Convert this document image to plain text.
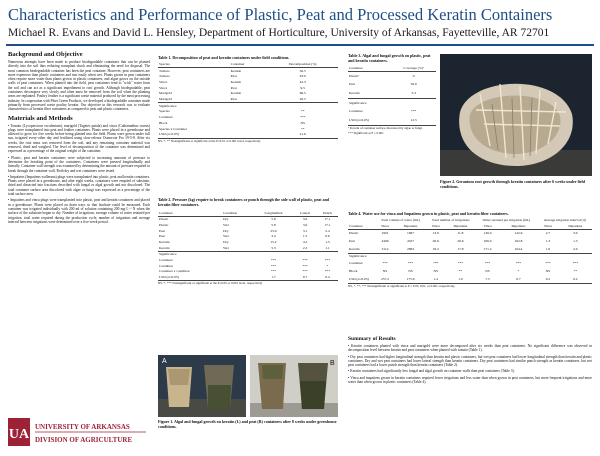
Characteristics and Performance of Plastic, Peat and Processed Keratin Containers
Michael R. Evans and David L. Hensley, Department of Horticulture, University of Arkansas, Fayetteville, AR 72701
Background and Objective

Numerous attempts have been made to produce biodegradable containers that can be planted directly into the soil thus reducing transplant shock and eliminating the need for disposal. The most common biodegradable container has been the peat container. However, peat containers are more expensive than plastic containers and tear easily when wet. Plants grown in peat containers often require more water than plants grown in plastic containers, and algae grows on the outside walls of peat containers. When planted into the field, peat containers tend to "wick" water from the soil and can act as a significant impediment to root growth. Although biodegradable, peat containers decompose very slowly and often must be removed from the soil when the planting areas are replanted. Poultry feather is a significant waste material produced by the meat processing industry. In cooperation with Fiber Green Products, we developed a biodegradable container made primarily from processed waste poultry keratin. Our objective in this research was to evaluate characteristics of keratin fiber containers as compared to peat and plastic containers.

Materials and Methods

• Tomato (Lycopersicon esculentum), marigold (Tagetes patula) and vinca (Catharanthus roseus) plugs were transplanted into peat and feather containers. Plants were placed in a greenhouse and allowed to grow for five weeks before being planted into the field. Plants were grown under full sun, irrigated every-other day and fertilized using slow-release Osmocote Pro 19-5-8. After six weeks, the root mass was removed from the soil, and any remaining container material was removed, dried and weighed. The level of decomposition of the container was determined and expressed as a percentage of the original weight of the container.

• Plastic, peat and keratin containers were subjected to increasing amounts of pressure to determine the breaking point of the containers. Containers were pressed longitudinally and laterally. Container wall strength was examined by determining the amount of pressure required to break through the container wall. Both dry and wet containers were tested.

• Impatiens (Impatiens wallerana) plugs were transplanted into plastic, peat and keratin containers. Plants were placed in a greenhouse, and after eight weeks, containers were emptied of substrate, dried and dissected into fractions described with fungal or algal growth and not discolored. The total container surface area discolored with algae or fungi was expressed as a percentage of the total surface area.

• Impatiens and vinca plugs were transplanted into plastic, peat and keratin containers and placed in a greenhouse. Plants were placed on drain trays so that leachate could be measured. Each container was irrigated individually with 200 ml of solution containing 200 mg·L⁻¹ N when the surface of the substrate began to dry. Number of irrigations, average volume of water retained per irrigation, total water required during the production cycle, number of irrigations and average interval between irrigations were determined over a five-week period.

UA UNIVERSITY OF ARKANSAS
DIVISION OF AGRICULTURE
Table 1. Decomposition of peat and keratin containers under field conditions.
Species	Container	Decomposition (%)
Tomato	Keratin	56.5
Tomato	Peat	63.0
Vinca	Keratin	42.3
Vinca	Peat	9.5
Marigold	Keratin	66.5
Marigold	Peat	26.5
Significance		
Species		**
Container		***
Block		NS
Species x Container		**
LSD (α=0.05)		21.6
NS, *, ** Nonsignificant or significant at the P=0.01 or 0.001 level, respectively
Table 2. Pressure (kg) require to break containers or punch through the side wall of plastic, peat and keratin fiber containers.
Container	Condition	Longitudinal	Lateral	Punch
Plastic	Dry	5.8	3.6	17.1
Plastic	Wet	5.8	3.6	17.1
Peat	Dry	25.0	3.1	2.4
Peat	Wet	3.4	1.5	0.6
Keratin	Dry	15.2	4.2	1.5
Keratin	Wet	5.3	2.2	1.1
Significance				
Container		***	***	***
Condition		***	***	*
Container x condition		***	***	***
LSD (α=0.05)		1.7	0.7	0.4
NS, *, *** Nonsignificant or significant at the P=0.05 or 0.001 level, respectively
A	B
Figure 1. Algal and fungal growth on keratin (L) and peat (R) containers after 8 weeks under greenhouse conditions.
Table 3. Algal and fungal growth on plastic, peat and keratin containers.
Container	Coverage (%)ᶻ
Plasticᶻ	0
Peat	56.0
Keratin	5.3
Significance	
Container	***
LSD (α=0.05)	12.5
ᶻ Percent of container surface discolored by algae or fungi.
*** Significant at P = 0.001
Figure 2. Geranium root growth through keratin containers after 6 weeks under field conditions.
Table 4. Water use for vinca and Impatiens grown in plastic, peat and keratin fiber containers.
	Total volume of water (mL)		Total number of irrigations		Water retained per irrigation (mL)		Average irrigation interval (d)	
Container	Vinca	Impatiens	Vinca	Impatiens	Vinca	Impatiens	Vinca	Impatiens
Plastic	1901	1667	13.0	11.8	149.0	142.6	2.7	3.0
Peat	4406	4327	26.6	26.6	166.0	162.8	1.3	1.3
Keratin	3112	2863	18.2	17.8	171.2	164.4	1.9	2.0
Significance								
Container	***	***	***	***	***	***	***	***
Block	NS	NS	NS	**	NS	*	NS	**
LSD (α=0.05)	257.2	175.6	1.4	1.0	7.5	6.7	0.2	0.2
NS, *, **, *** Nonsignificant or significant at P = 0.05, 0.01, or 0.001, respectively.
Summary of Results
• Keratin containers planted with vinca and marigold were more decomposed after six weeks than peat containers. No significant difference was observed in decomposition level between keratin and peat containers when planted with tomato (Table 1).
• Dry peat containers had higher longitudinal strength than keratin and plastic containers, but wet peat containers had lower longitudinal strength than keratin and plastic containers. Dry and wet peat containers had lower lateral strength than keratin containers. Dry peat containers had similar punch strength as keratin containers, but wet peat containers had a lower punch strength than keratin containers (Table 2).
• Keratin containers had significantly less fungal and algal growth on container walls than peat containers (Table 3).
• Vinca and impatiens grown in keratin containers required fewer irrigations and less water than when grown in peat containers, but more frequent irrigations and more water than when grown in plastic containers (Table 4).
